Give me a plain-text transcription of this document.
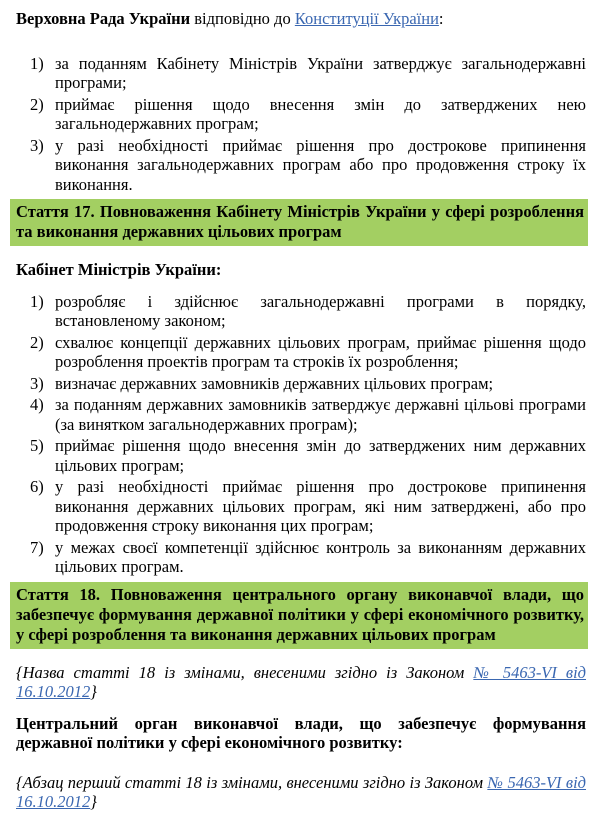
Верховна Рада України відповідно до Конституції України:

1) за поданням Кабінету Міністрів України затверджує загальнодержавні програми;
2) приймає рішення щодо внесення змін до затверджених нею загальнодержавних програм;
3) у разі необхідності приймає рішення про дострокове припинення виконання загальнодержавних програм або про продовження строку їх виконання.

Стаття 17. Повноваження Кабінету Міністрів України у сфері розроблення та виконання державних цільових програм

Кабінет Міністрів України:

1) розробляє і здійснює загальнодержавні програми в порядку, встановленому законом;
2) схвалює концепції державних цільових програм, приймає рішення щодо розроблення проектів програм та строків їх розроблення;
3) визначає державних замовників державних цільових програм;
4) за поданням державних замовників затверджує державні цільові програми (за винятком загальнодержавних програм);
5) приймає рішення щодо внесення змін до затверджених ним державних цільових програм;
6) у разі необхідності приймає рішення про дострокове припинення виконання державних цільових програм, які ним затверджені, або про продовження строку виконання цих програм;
7) у межах своєї компетенції здійснює контроль за виконанням державних цільових програм.

Стаття 18. Повноваження центрального органу виконавчої влади, що забезпечує формування державної політики у сфері економічного розвитку, у сфері розроблення та виконання державних цільових програм

{Назва статті 18 із змінами, внесеними згідно із Законом № 5463-VI від 16.10.2012}

Центральний орган виконавчої влади, що забезпечує формування державної політики у сфері економічного розвитку:

{Абзац перший статті 18 із змінами, внесеними згідно із Законом № 5463-VI від 16.10.2012}
